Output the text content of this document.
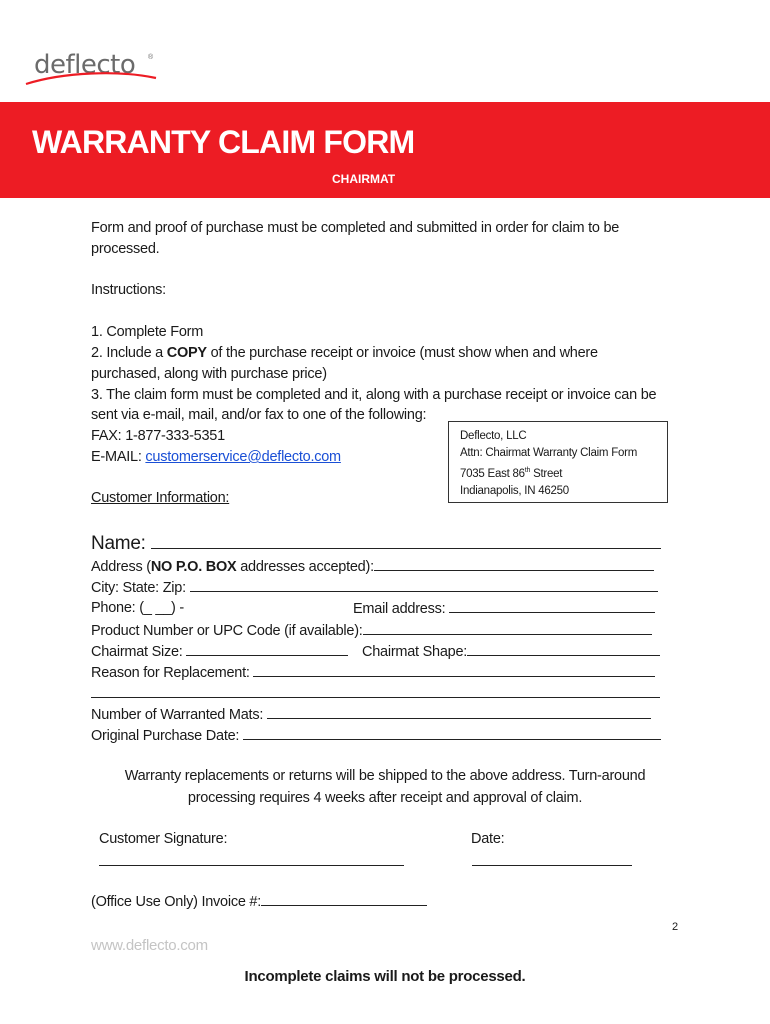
deflecto ®
WARRANTY CLAIM FORM
CHAIRMAT
Form and proof of purchase must be completed and submitted in order for claim to be
processed.
Instructions:
1. Complete Form
2. Include a COPY of the purchase receipt or invoice (must show when and where
purchased, along with purchase price)
3. The claim form must be completed and it, along with a purchase receipt or invoice can be
sent via e-mail, mail, and/or fax to one of the following:
FAX: 1-877-333-5351
E-MAIL: customerservice@deflecto.com
Deflecto, LLC
Attn: Chairmat Warranty Claim Form
7035 East 86th Street
Indianapolis, IN 46250
Customer Information:
Name:
Address (NO P.O. BOX addresses accepted):
City: State: Zip:
Phone: (_ __) -	Email address:
Product Number or UPC Code (if available):
Chairmat Size:	Chairmat Shape:
Reason for Replacement:
Number of Warranted Mats:
Original Purchase Date:
Warranty replacements or returns will be shipped to the above address. Turn-around
processing requires 4 weeks after receipt and approval of claim.
Customer Signature:	Date:
(Office Use Only) Invoice #:
2
www.deflecto.com
Incomplete claims will not be processed.
